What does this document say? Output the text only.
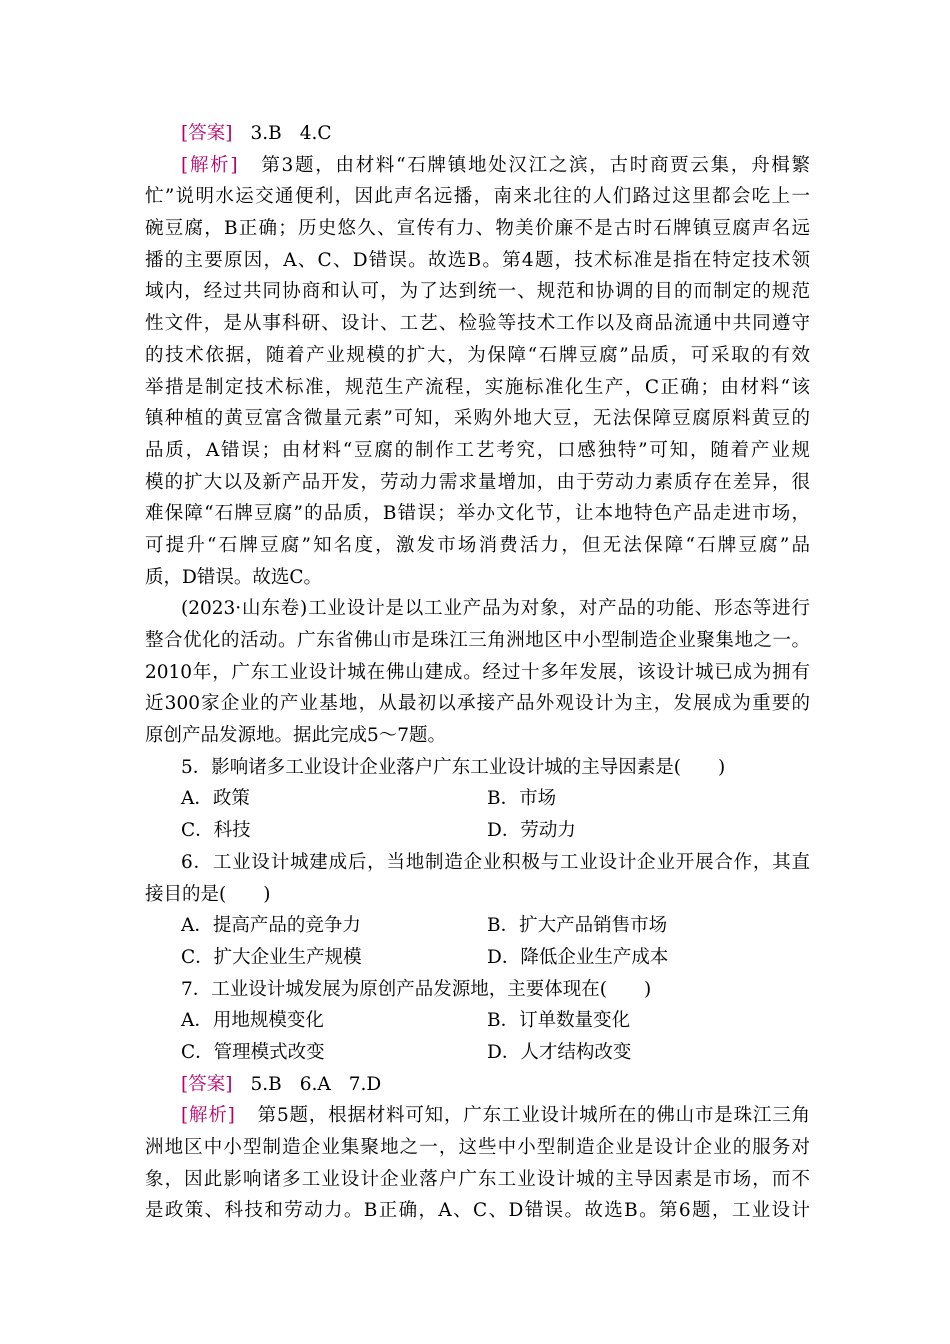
[答案] 3.B 4.C
[解析] 第3题，由材料“石牌镇地处汉江之滨，古时商贾云集，舟楫繁
忙”说明水运交通便利，因此声名远播，南来北往的人们路过这里都会吃上一
碗豆腐，B正确；历史悠久、宣传有力、物美价廉不是古时石牌镇豆腐声名远
播的主要原因，A、C、D错误。故选B。第4题，技术标准是指在特定技术领
域内，经过共同协商和认可，为了达到统一、规范和协调的目的而制定的规范
性文件，是从事科研、设计、工艺、检验等技术工作以及商品流通中共同遵守
的技术依据，随着产业规模的扩大，为保障“石牌豆腐”品质，可采取的有效
举措是制定技术标准，规范生产流程，实施标准化生产，C正确；由材料“该
镇种植的黄豆富含微量元素”可知，采购外地大豆，无法保障豆腐原料黄豆的
品质，A错误；由材料“豆腐的制作工艺考究，口感独特”可知，随着产业规
模的扩大以及新产品开发，劳动力需求量增加，由于劳动力素质存在差异，很
难保障“石牌豆腐”的品质，B错误；举办文化节，让本地特色产品走进市场，
可提升“石牌豆腐”知名度，激发市场消费活力，但无法保障“石牌豆腐”品
质，D错误。故选C。
(2023·山东卷)工业设计是以工业产品为对象，对产品的功能、形态等进行
整合优化的活动。广东省佛山市是珠江三角洲地区中小型制造企业聚集地之一。
2010年，广东工业设计城在佛山建成。经过十多年发展，该设计城已成为拥有
近300家企业的产业基地，从最初以承接产品外观设计为主，发展成为重要的
原创产品发源地。据此完成5～7题。
5．影响诸多工业设计企业落户广东工业设计城的主导因素是(　　)
A．政策	B．市场
C．科技	D．劳动力
6．工业设计城建成后，当地制造企业积极与工业设计企业开展合作，其直
接目的是(　　)
A．提高产品的竞争力	B．扩大产品销售市场
C．扩大企业生产规模	D．降低企业生产成本
7．工业设计城发展为原创产品发源地，主要体现在(　　)
A．用地规模变化	B．订单数量变化
C．管理模式改变	D．人才结构改变
[答案] 5.B 6.A 7.D
[解析] 第5题，根据材料可知，广东工业设计城所在的佛山市是珠江三角
洲地区中小型制造企业集聚地之一，这些中小型制造企业是设计企业的服务对
象，因此影响诸多工业设计企业落户广东工业设计城的主导因素是市场，而不
是政策、科技和劳动力。B正确，A、C、D错误。故选B。第6题，工业设计
